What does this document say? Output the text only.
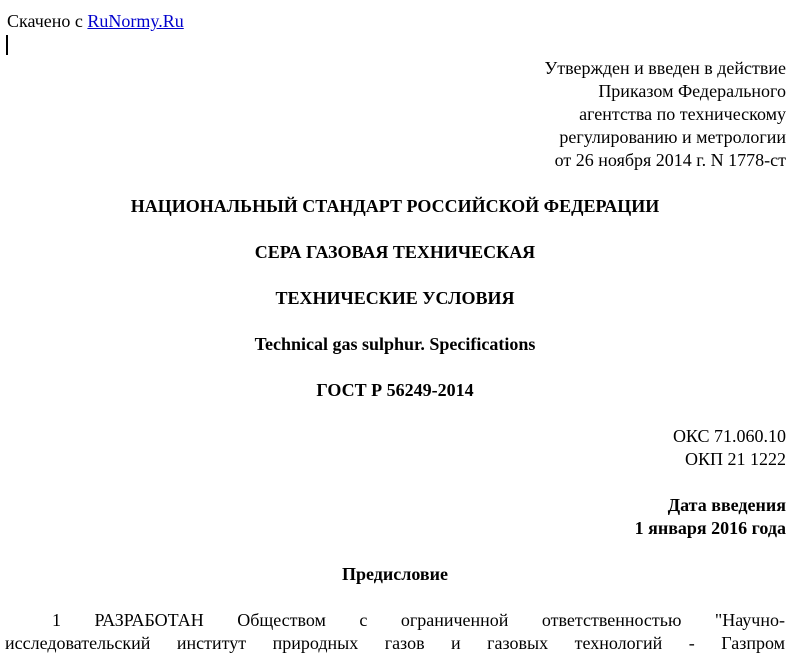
Скачено с RuNormy.Ru
Утвержден и введен в действие
Приказом Федерального
агентства по техническому
регулированию и метрологии
от 26 ноября 2014 г. N 1778-ст
НАЦИОНАЛЬНЫЙ СТАНДАРТ РОССИЙСКОЙ ФЕДЕРАЦИИ
СЕРА ГАЗОВАЯ ТЕХНИЧЕСКАЯ
ТЕХНИЧЕСКИЕ УСЛОВИЯ
Technical gas sulphur. Specifications
ГОСТ Р 56249-2014
ОКС 71.060.10
ОКП 21 1222
Дата введения
1 января 2016 года
Предисловие
1 РАЗРАБОТАН Обществом с ограниченной ответственностью "Научно-
исследовательский институт природных газов и газовых технологий - Газпром
